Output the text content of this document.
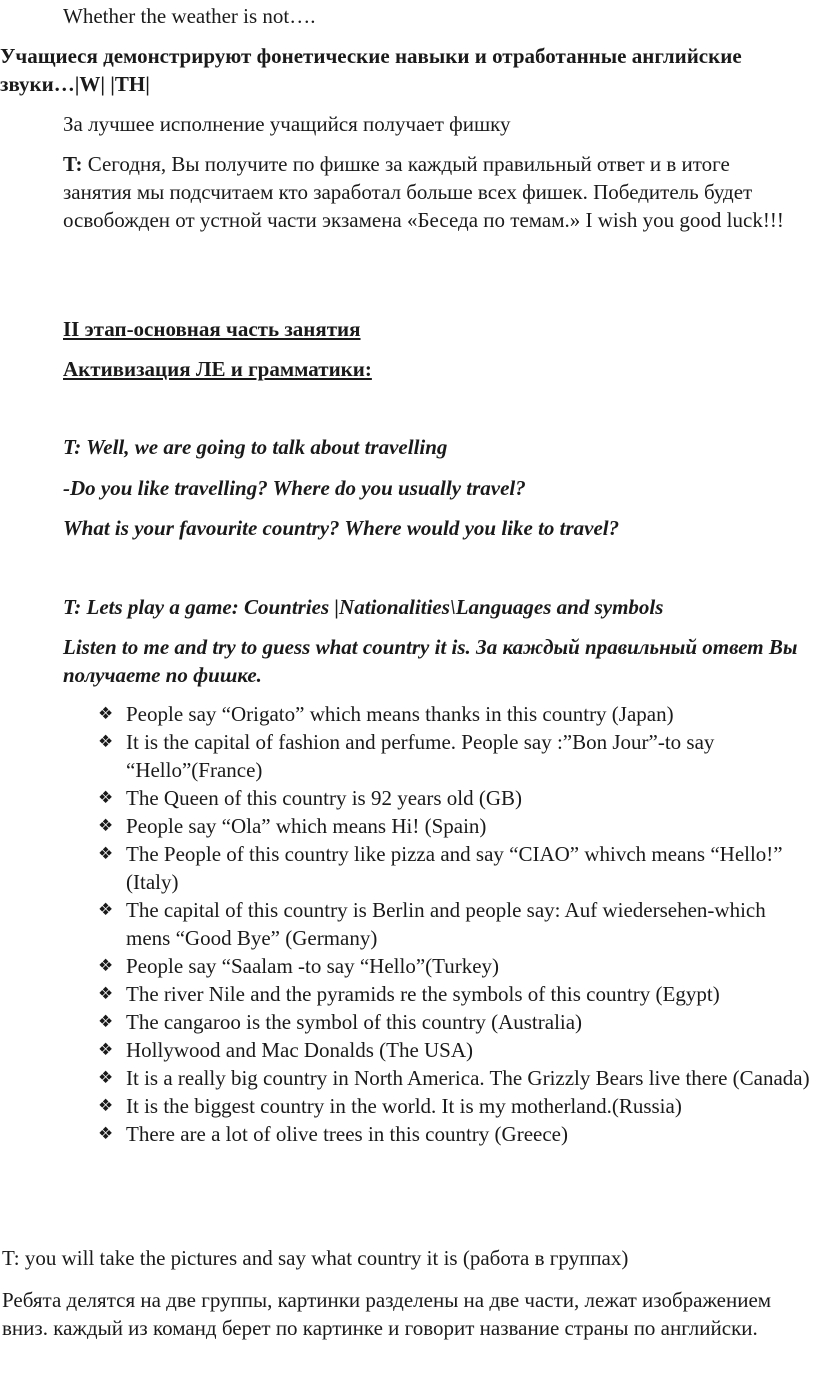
Whether the weather is not….

Учащиеся демонстрируют фонетические навыки и отработанные английские звуки…|W| |TH|

За лучшее исполнение учащийся получает фишку

T: Сегодня, Вы получите по фишке за каждый правильный ответ и в итоге занятия мы подсчитаем кто заработал больше всех фишек. Победитель будет освобожден от устной части экзамена «Беседа по темам.» I wish you good luck!!!

II этап-основная часть занятия

Активизация ЛЕ и грамматики:

T: Well, we are going to talk about travelling

-Do you like travelling? Where do you usually travel?

What is your favourite country? Where would you like to travel?

T: Lets play a game: Countries |Nationalities\Languages and symbols

Listen to me and try to guess what country it is. За каждый правильный ответ Вы получаете по фишке.

❖ People say “Origato” which means thanks in this country (Japan)
❖ It is the capital of fashion and perfume. People say :”Bon Jour”-to say “Hello”(France)
❖ The Queen of this country is 92 years old (GB)
❖ People say “Ola” which means Hi! (Spain)
❖ The People of this country like pizza and say “CIAO” whivch means “Hello!” (Italy)
❖ The capital of this country is Berlin and people say: Auf wiedersehen-which mens “Good Bye” (Germany)
❖ People say “Saalam -to say “Hello”(Turkey)
❖ The river Nile and the pyramids re the symbols of this country (Egypt)
❖ The cangaroo is the symbol of this country (Australia)
❖ Hollywood and Mac Donalds (The USA)
❖ It is a really big country in North America. The Grizzly Bears live there (Canada)
❖ It is the biggest country in the world. It is my motherland.(Russia)
❖ There are a lot of olive trees in this country (Greece)

T: you will take the pictures and say what country it is (работа в группах)

Ребята делятся на две группы, картинки разделены на две части, лежат изображением вниз. каждый из команд берет по картинке и говорит название страны по английски.
